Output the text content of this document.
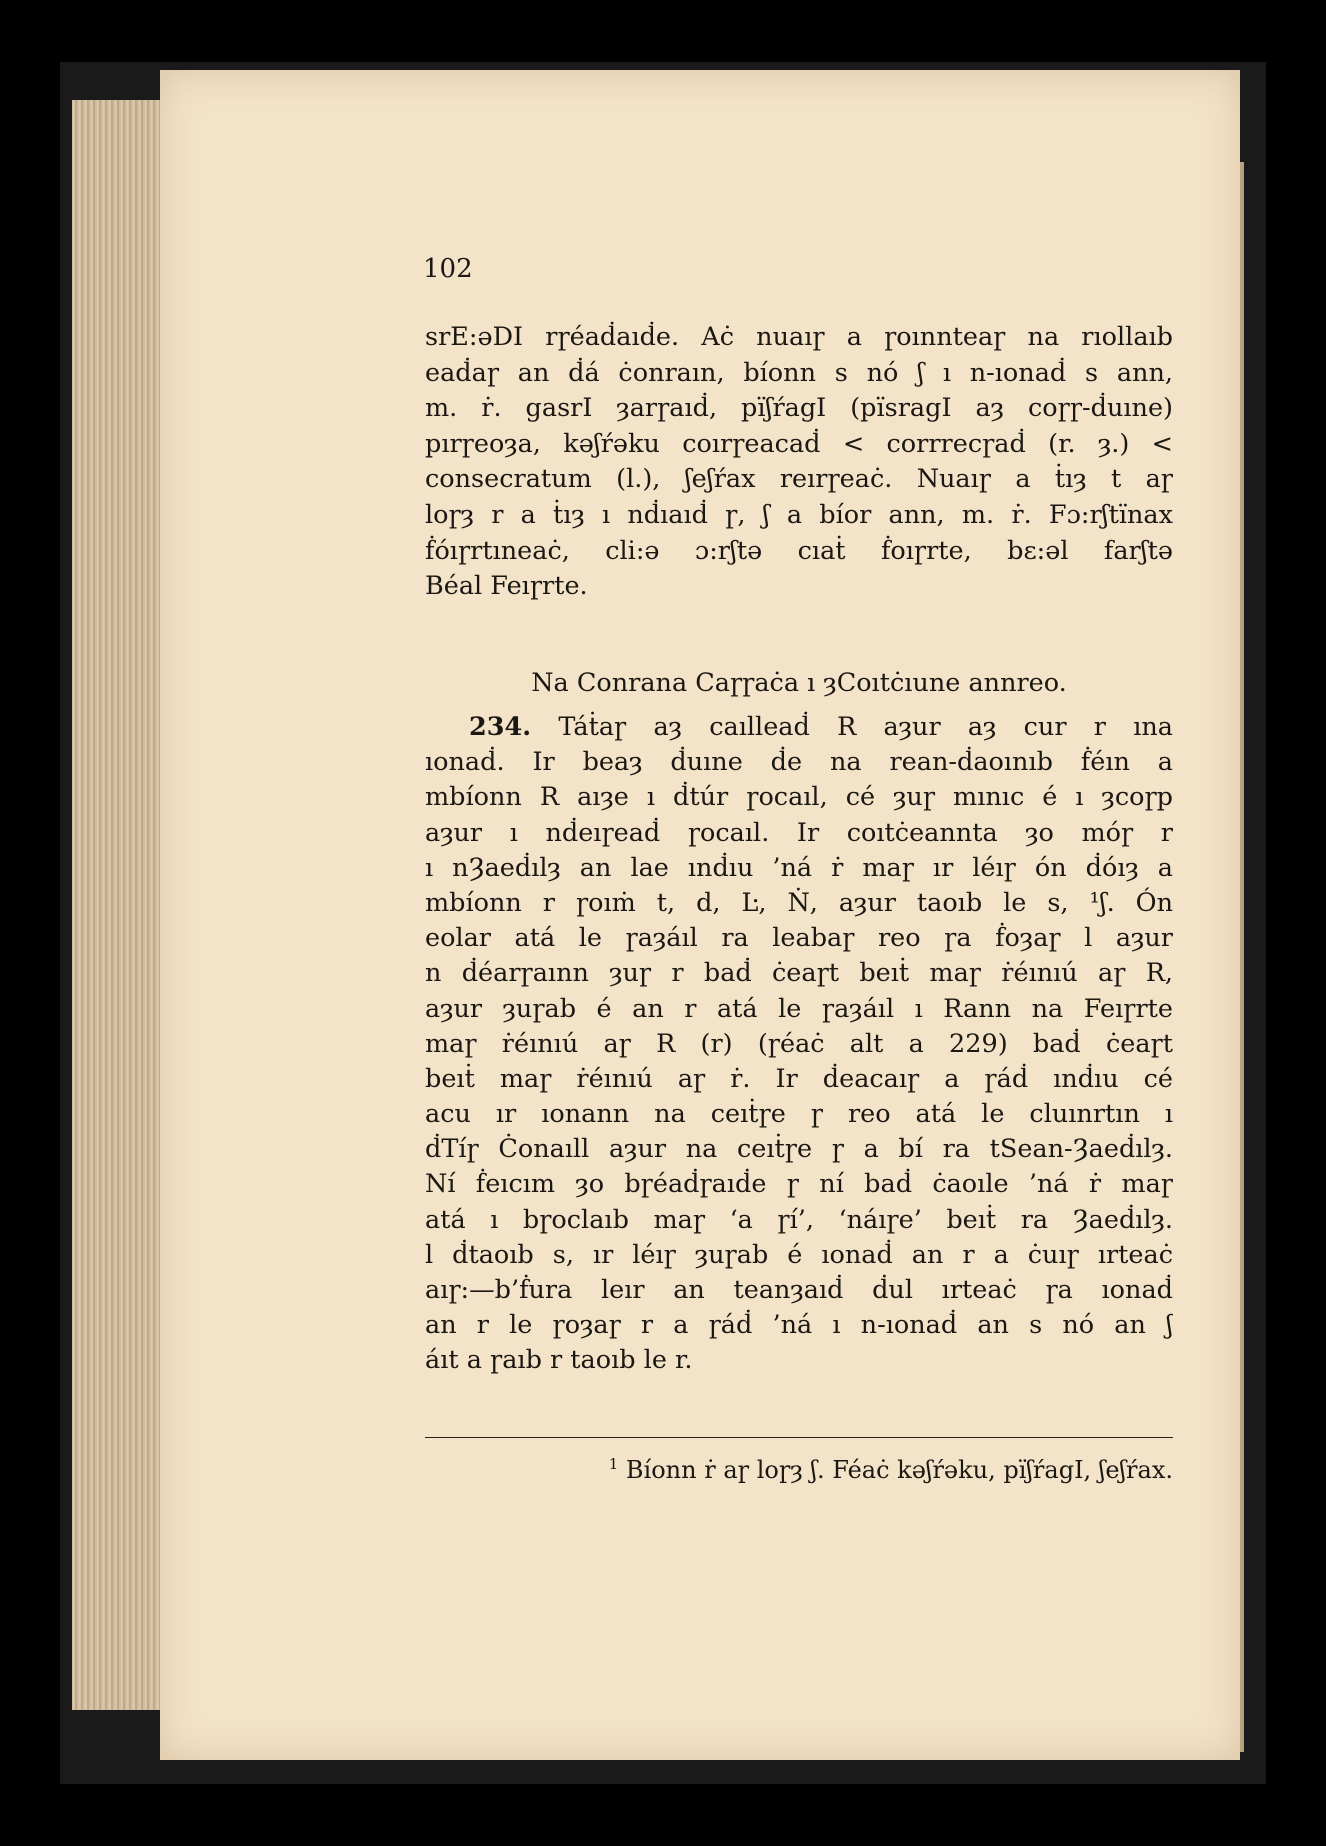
102
srE:əDI rɼéaḋaıḋe. Aċ nuaıɼ a ɼoınnteaɼ na rıollaıb
eaḋaɼ an ḋá ċonraın, bíonn s nó ʃ ı n-ıonaḋ s ann,
m. ṙ. gasrI ȝarɼaıḋ, pïʃŕagI (pïsragI aȝ coɼɼ-ḋuıne)
pırɼeoȝa, kəʃŕəku coırɼeacaḋ < corrrecɼaḋ (r. ȝ.) <
consecratum (l.), ʃeʃŕax reırɼeaċ. Nuaıɼ a ṫıȝ t aɼ
loɼȝ r a ṫıȝ ı nḋıaıḋ ɼ, ʃ a bíor ann, m. ṙ. Fɔ:rʃtïnax
ḟóıɼrtıneaċ, cli:ə ɔ:rʃtə cıaṫ ḟoıɼrte, bɛ:əl farʃtə
Béal Feıɼrte.
Na Conrana Caɼɼaċa ı ȝCoıtċıune annreo.
234. Táṫaɼ aȝ caılleaḋ R aȝur aȝ cur r ına
ıonaḋ. Ir beaȝ ḋuıne ḋe na rean-ḋaoınıb ḟéın a
mbíonn R aıȝe ı ḋtúr ɼocaıl, cé ȝuɼ mınıc é ı ȝcoɼp
aȝur ı nḋeıɼeaḋ ɼocaıl. Ir coıtċeannta ȝo móɼ r
ı nȜaeḋılȝ an lae ınḋıu ’ná ṙ maɼ ır léıɼ ón ḋóıȝ a
mbíonn r ɼoıṁ t, d, Ŀ, Ṅ, aȝur taoıb le s, ¹ʃ. Ón
eolar atá le ɼaȝáıl ra leabaɼ reo ɼa ḟoȝaɼ l aȝur
n ḋéarɼaınn ȝuɼ r baḋ ċeaɼt beıṫ maɼ ṙéınıú aɼ R,
aȝur ȝuɼab é an r atá le ɼaȝáıl ı Rann na Feıɼrte
maɼ ṙéınıú aɼ R (r) (ɼéaċ alt a 229) baḋ ċeaɼt
beıṫ maɼ ṙéınıú aɼ ṙ. Ir ḋeacaıɼ a ɼáḋ ınḋıu cé
acu ır ıonann na ceıṫɼe ɼ reo atá le cluınrtın ı
ḋTíɼ Ċonaıll aȝur na ceıṫɼe ɼ a bí ra tSean-Ȝaeḋılȝ.
Ní ḟeıcım ȝo bɼéaḋɼaıḋe ɼ ní baḋ ċaoıle ’ná ṙ maɼ
atá ı bɼoclaıb maɼ ‘a ɼí’, ‘náıɼe’ beıṫ ra Ȝaeḋılȝ.
l ḋtaoıb s, ır léıɼ ȝuɼab é ıonaḋ an r a ċuıɼ ırteaċ
aıɼ:—b’ḟura leır an teanȝaıḋ ḋul ırteaċ ɼa ıonaḋ
an r le ɼoȝaɼ r a ɼáḋ ’ná ı n-ıonaḋ an s nó an ʃ
áıt a ɼaıb r taoıb le r.
$^1$ Bíonn ṙ aɼ loɼȝ ʃ. Féaċ kəʃŕəku, pïʃŕagI, ʃeʃŕax.
